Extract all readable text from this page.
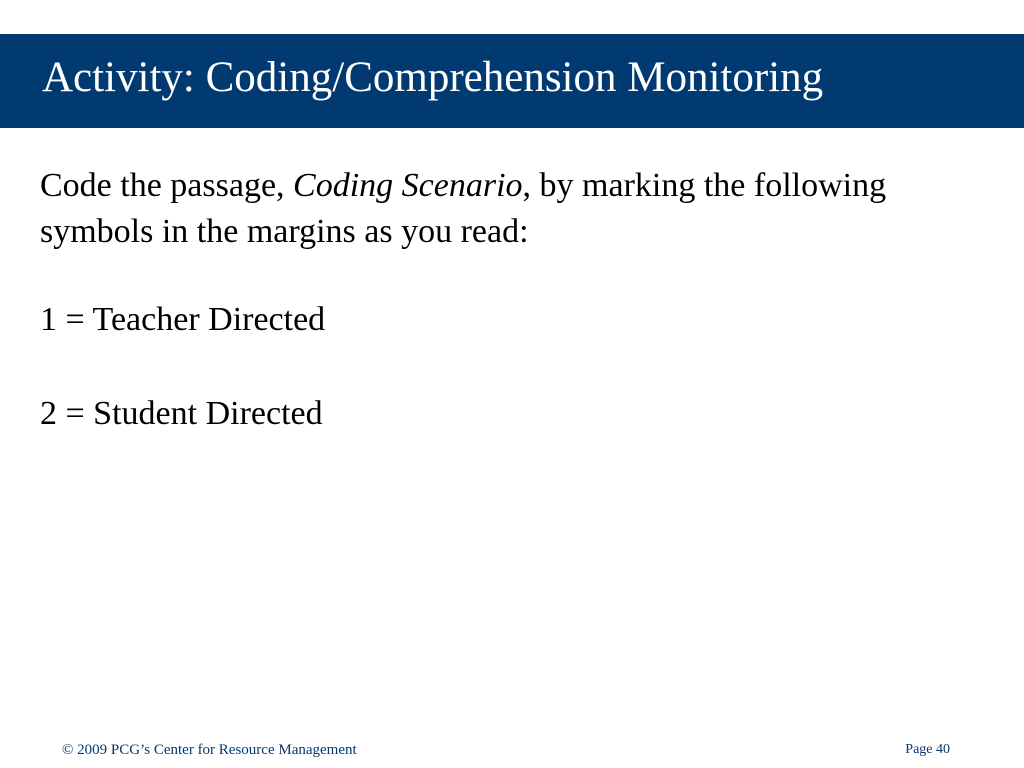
Activity: Coding/Comprehension Monitoring
Code the passage, Coding Scenario, by marking the following symbols in the margins as you read:
1 = Teacher Directed
2 = Student Directed
© 2009 PCG’s Center for Resource Management	Page 40
